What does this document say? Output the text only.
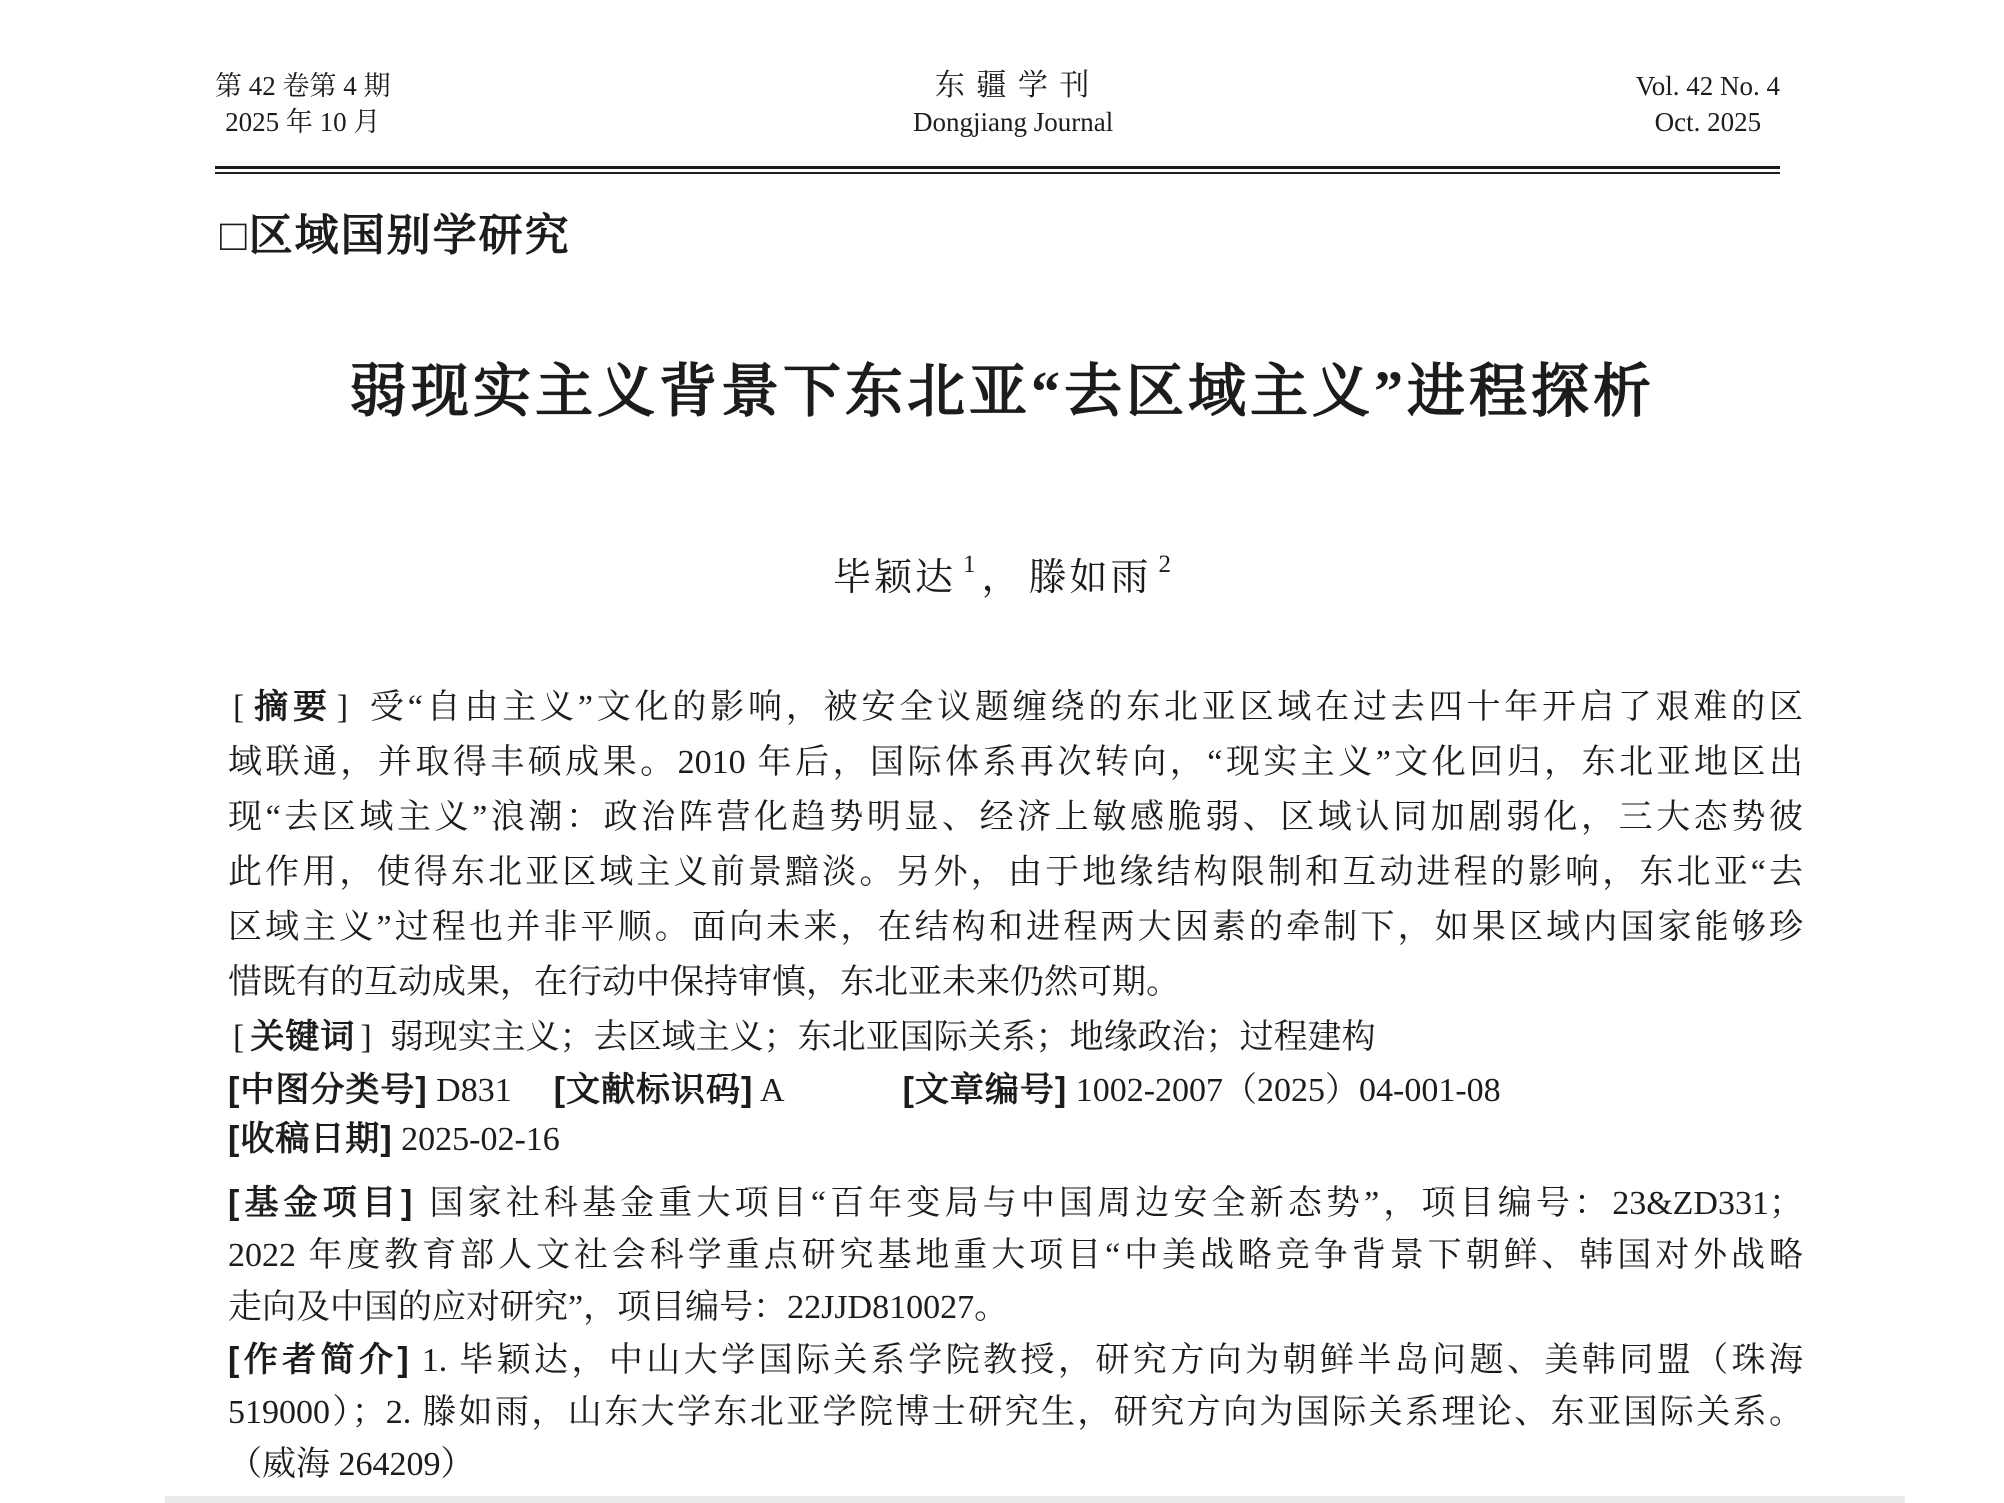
第 42 卷第 4 期
2025 年 10 月
东 疆 学 刊
Dongjiang Journal
Vol. 42 No. 4
Oct. 2025
□区域国别学研究
弱现实主义背景下东北亚“去区域主义”进程探析
毕颖达 $^1$ ， 滕如雨 $^2$
[ 摘要 ] 受“自由主义”文化的影响，被安全议题缠绕的东北亚区域在过去四十年开启了艰难的区
域联通，并取得丰硕成果。2010 年后，国际体系再次转向，“现实主义”文化回归，东北亚地区出
现“去区域主义”浪潮：政治阵营化趋势明显、经济上敏感脆弱、区域认同加剧弱化，三大态势彼
此作用，使得东北亚区域主义前景黯淡。另外，由于地缘结构限制和互动进程的影响，东北亚“去
区域主义”过程也并非平顺。面向未来，在结构和进程两大因素的牵制下，如果区域内国家能够珍
惜既有的互动成果，在行动中保持审慎，东北亚未来仍然可期。
[ 关键词 ] 弱现实主义；去区域主义；东北亚国际关系；地缘政治；过程建构
[中图分类号] D831 [文献标识码] A	[文章编号] 1002-2007（2025）04-001-08
[收稿日期] 2025-02-16
[基金项目] 国家社科基金重大项目“百年变局与中国周边安全新态势”，项目编号：23&ZD331；
2022 年度教育部人文社会科学重点研究基地重大项目“中美战略竞争背景下朝鲜、韩国对外战略
走向及中国的应对研究”，项目编号：22JJD810027。
[作者简介] 1. 毕颖达，中山大学国际关系学院教授，研究方向为朝鲜半岛问题、美韩同盟（珠海
519000）；2. 滕如雨，山东大学东北亚学院博士研究生，研究方向为国际关系理论、东亚国际关系。
（威海 264209）
